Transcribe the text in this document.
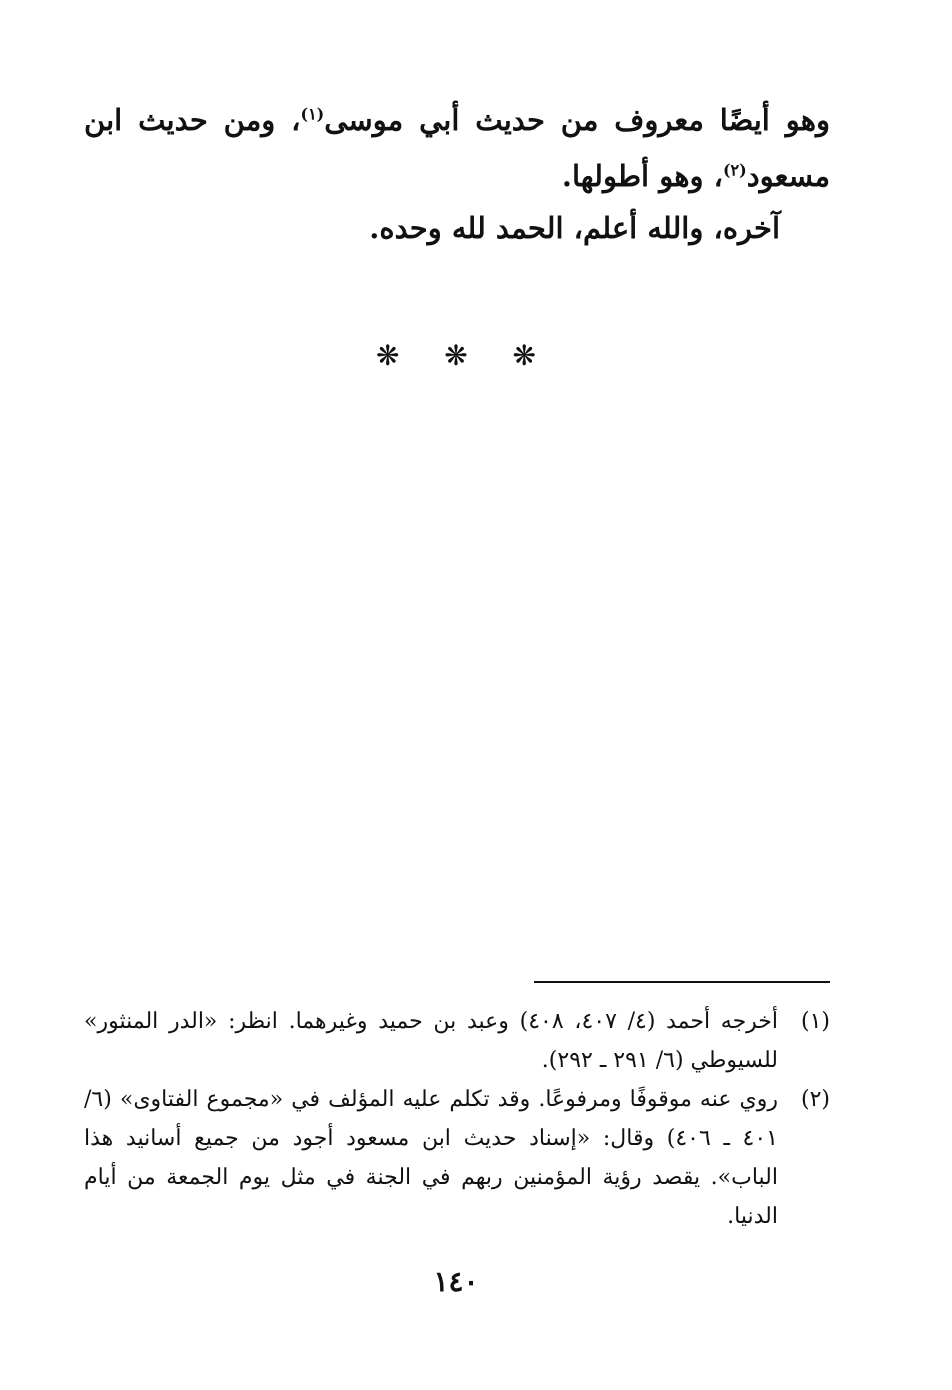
وهو أيضًا معروف من حديث أبي موسى$^{(١)}$، ومن حديث ابن مسعود$^{(٢)}$، وهو أطولها.

آخره، والله أعلم، الحمد لله وحده.
❋ ❋ ❋
(١)
أخرجه أحمد (٤/ ٤٠٧، ٤٠٨) وعبد بن حميد وغيرهما. انظر: «الدر المنثور» للسيوطي (٦/ ٢٩١ ـ ٢٩٢).
(٢)
روي عنه موقوفًا ومرفوعًا. وقد تكلم عليه المؤلف في «مجموع الفتاوى» (٦/ ٤٠١ ـ ٤٠٦) وقال: «إسناد حديث ابن مسعود أجود من جميع أسانيد هذا الباب». يقصد رؤية المؤمنين ربهم في الجنة في مثل يوم الجمعة من أيام الدنيا.
١٤٠
